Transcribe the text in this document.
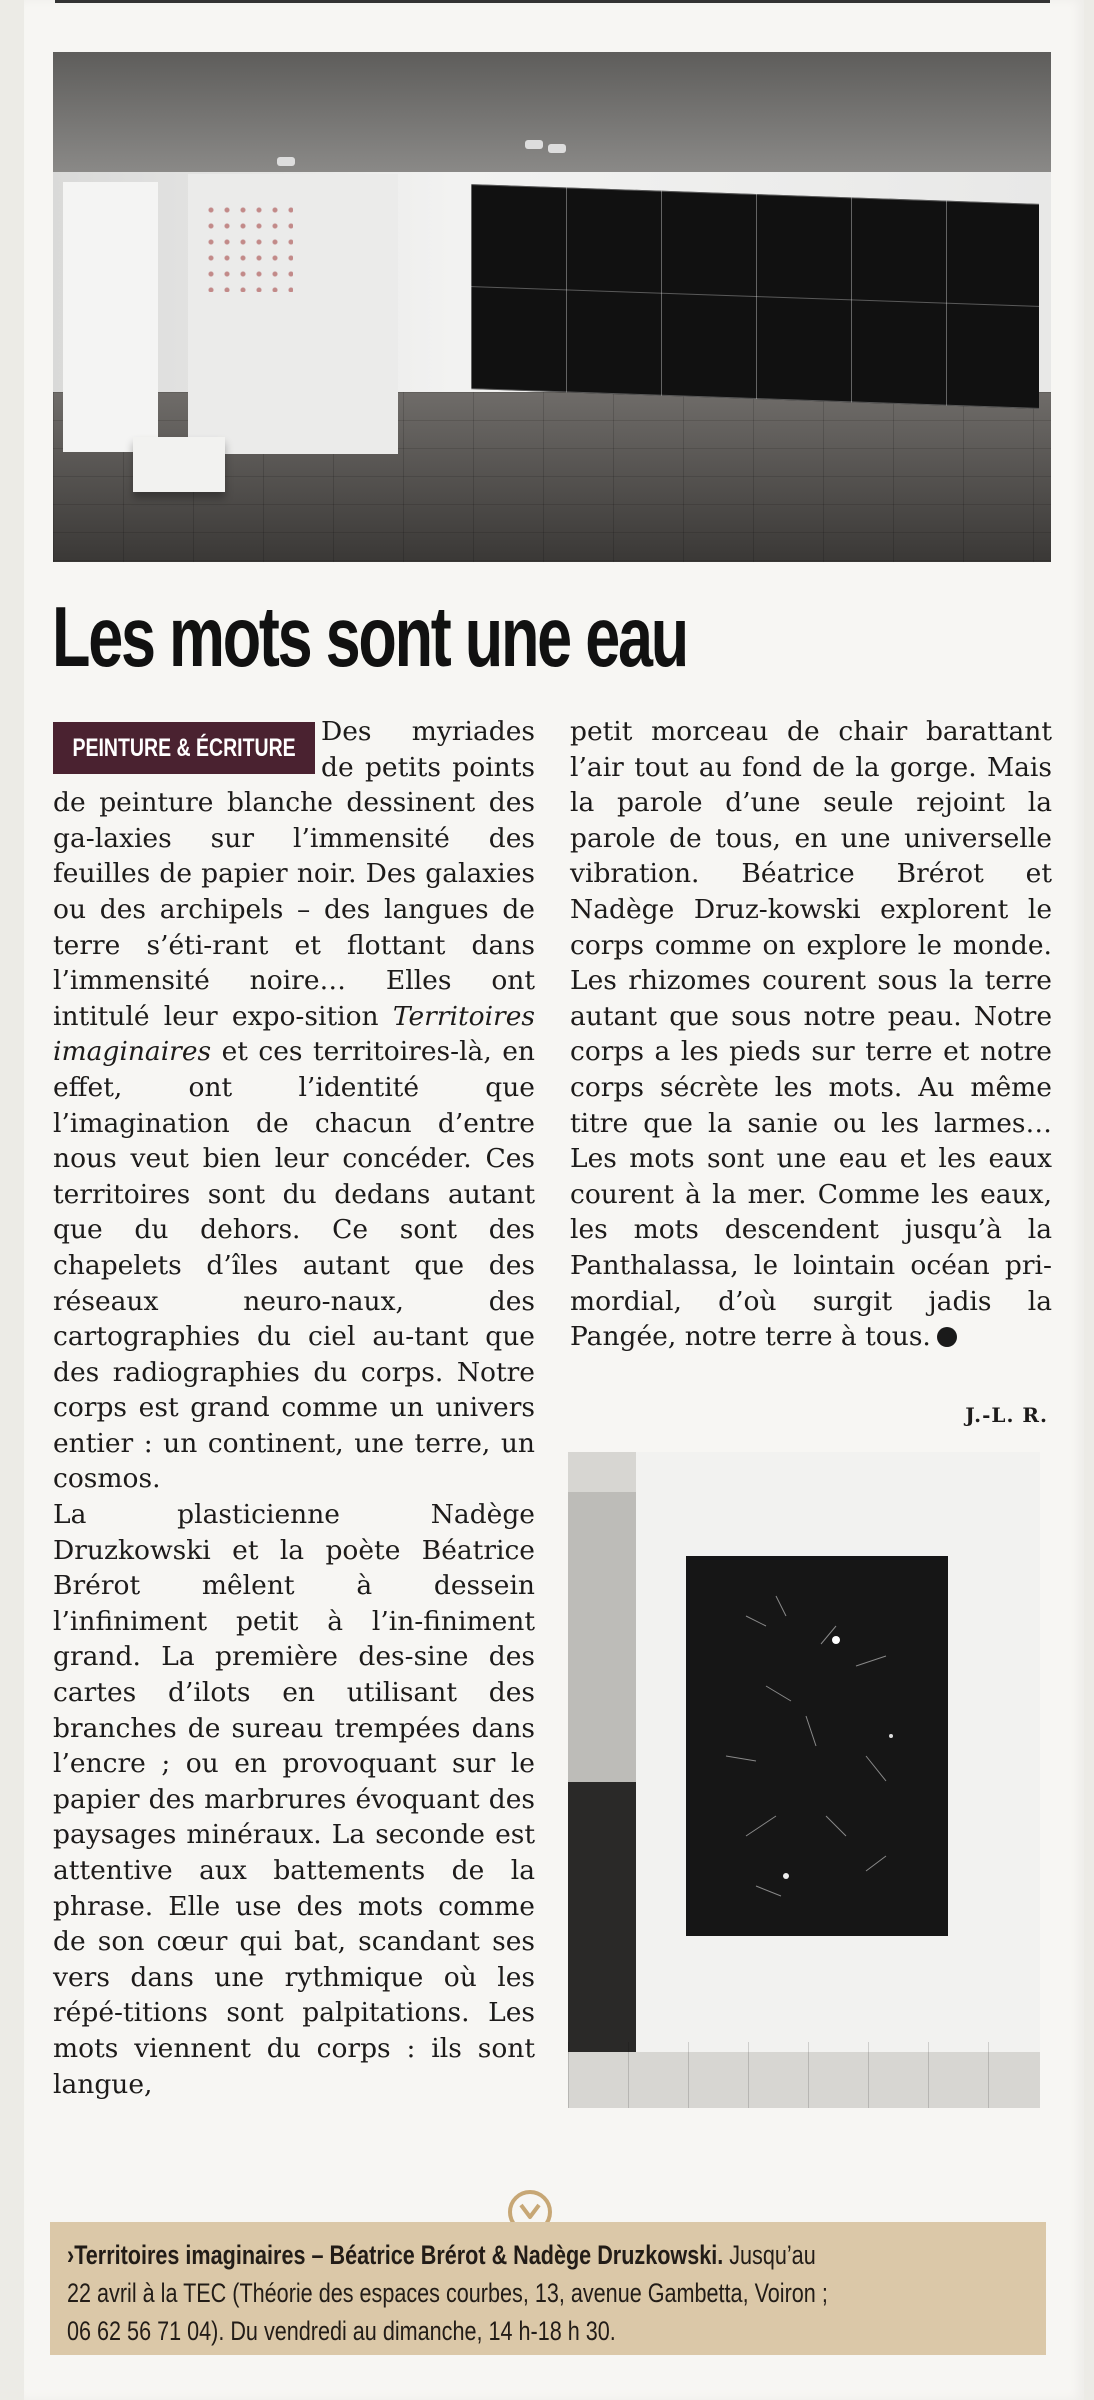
Les mots sont une eau
PEINTURE & ÉCRITURE

Des myriades de petits points de peinture blanche dessinent des ga-laxies sur l’immensité des feuilles de papier noir. Des galaxies ou des archipels – des langues de terre s’éti-rant et flottant dans l’immensité noire… Elles ont intitulé leur expo-sition Territoires imaginaires et ces territoires-là, en effet, ont l’identité	que l’imagination de chacun d’entre nous veut bien leur concéder. Ces territoires sont du dedans autant que du dehors. Ce sont des chapelets d’îles autant que des réseaux neuro-naux, des cartographies du ciel au-tant que des radiographies du corps. Notre corps est grand comme un univers entier : un continent, une terre, un cosmos.

La plasticienne Nadège Druzkowski et la poète Béatrice Brérot mêlent à dessein l’infiniment petit à l’in-finiment grand. La première des-sine des cartes d’ilots en utilisant des branches de sureau trempées dans l’encre ; ou en provoquant sur le papier des marbrures évoquant des paysages minéraux. La seconde est attentive aux battements de la phrase. Elle use des mots comme de son cœur qui bat, scandant ses vers dans une rythmique où les répé-titions sont palpitations. Les mots viennent du corps : ils sont langue,

petit morceau de chair barattant l’air tout au fond de la gorge. Mais la parole d’une seule rejoint la parole de tous, en une universelle vibration. Béatrice Brérot et Nadège Druz-kowski explorent le corps comme on explore le monde. Les rhizomes courent sous la terre autant que sous notre peau. Notre corps a les pieds sur terre et notre corps sécrète les mots. Au même titre que la sanie ou les larmes… Les mots sont une eau et les eaux courent à la mer. Comme les eaux, les mots descendent jusqu’à la Panthalassa, le lointain océan pri-mordial, d’où surgit jadis la Pangée, notre terre à tous.

J.-L. R.
›Territoires imaginaires – Béatrice Brérot & Nadège Druzkowski. Jusqu’au
22 avril à la TEC (Théorie des espaces courbes, 13, avenue Gambetta, Voiron ;
06 62 56 71 04). Du vendredi au dimanche, 14 h-18 h 30.
